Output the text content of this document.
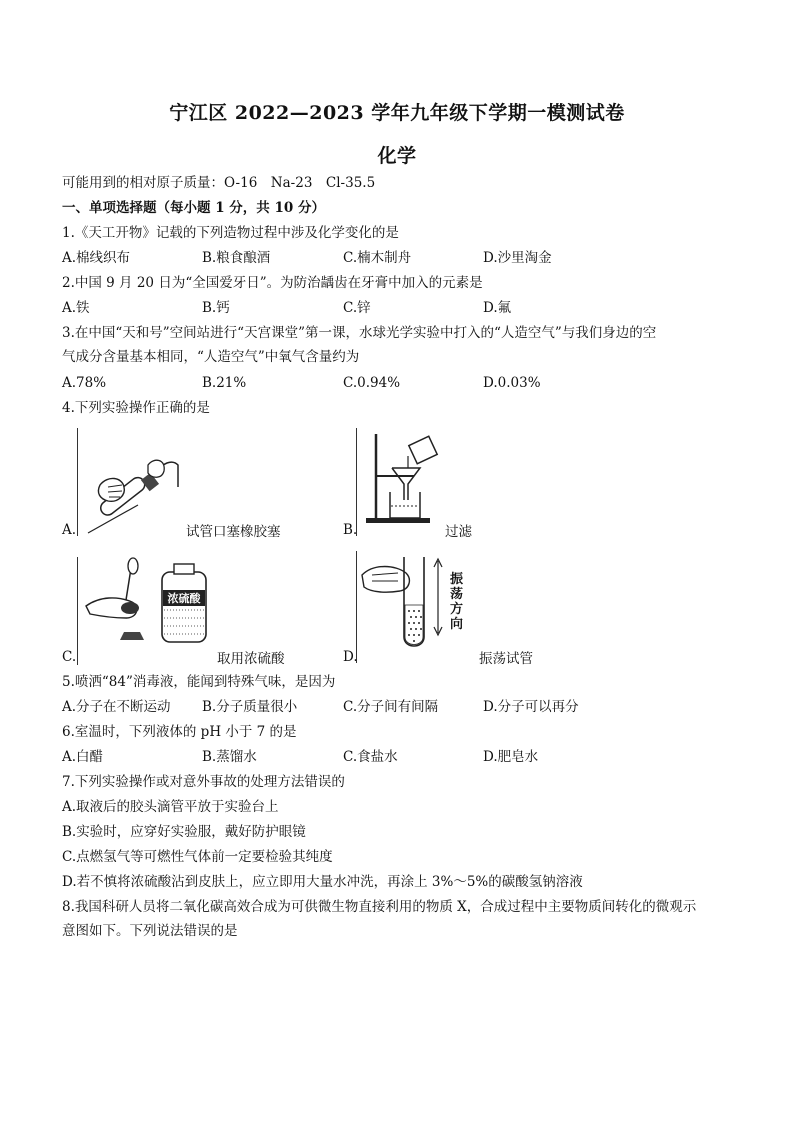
宁江区 2022—2023 学年九年级下学期一模测试卷
化学
可能用到的相对原子质量：O-16　Na-23　Cl-35.5
一、单项选择题（每小题 1 分，共 10 分）
1.《天工开物》记载的下列造物过程中涉及化学变化的是
A.棉线织布	B.粮食酿酒	C.楠木制舟	D.沙里淘金
2.中国 9 月 20 日为“全国爱牙日”。为防治龋齿在牙膏中加入的元素是
A.铁	B.钙	C.锌	D.氟
3.在中国“天和号”空间站进行“天宫课堂”第一课，水球光学实验中打入的“人造空气”与我们身边的空
气成分含量基本相同，“人造空气”中氧气含量约为
A.78%	B.21%	C.0.94%	D.0.03%
4.下列实验操作正确的是
A.	试管口塞橡胶塞	B.	过滤
浓硫酸
C.	取用浓硫酸
振荡方向
D.	振荡试管
5.喷洒“84”消毒液，能闻到特殊气味，是因为
A.分子在不断运动 B.分子质量很小	C.分子间有间隔	D.分子可以再分
6.室温时，下列液体的 pH 小于 7 的是
A.白醋	B.蒸馏水	C.食盐水	D.肥皂水
7.下列实验操作或对意外事故的处理方法错误的
A.取液后的胶头滴管平放于实验台上
B.实验时，应穿好实验服，戴好防护眼镜
C.点燃氢气等可燃性气体前一定要检验其纯度
D.若不慎将浓硫酸沾到皮肤上，应立即用大量水冲洗，再涂上 3%～5%的碳酸氢钠溶液
8.我国科研人员将二氧化碳高效合成为可供微生物直接利用的物质 X，合成过程中主要物质间转化的微观示
意图如下。下列说法错误的是
